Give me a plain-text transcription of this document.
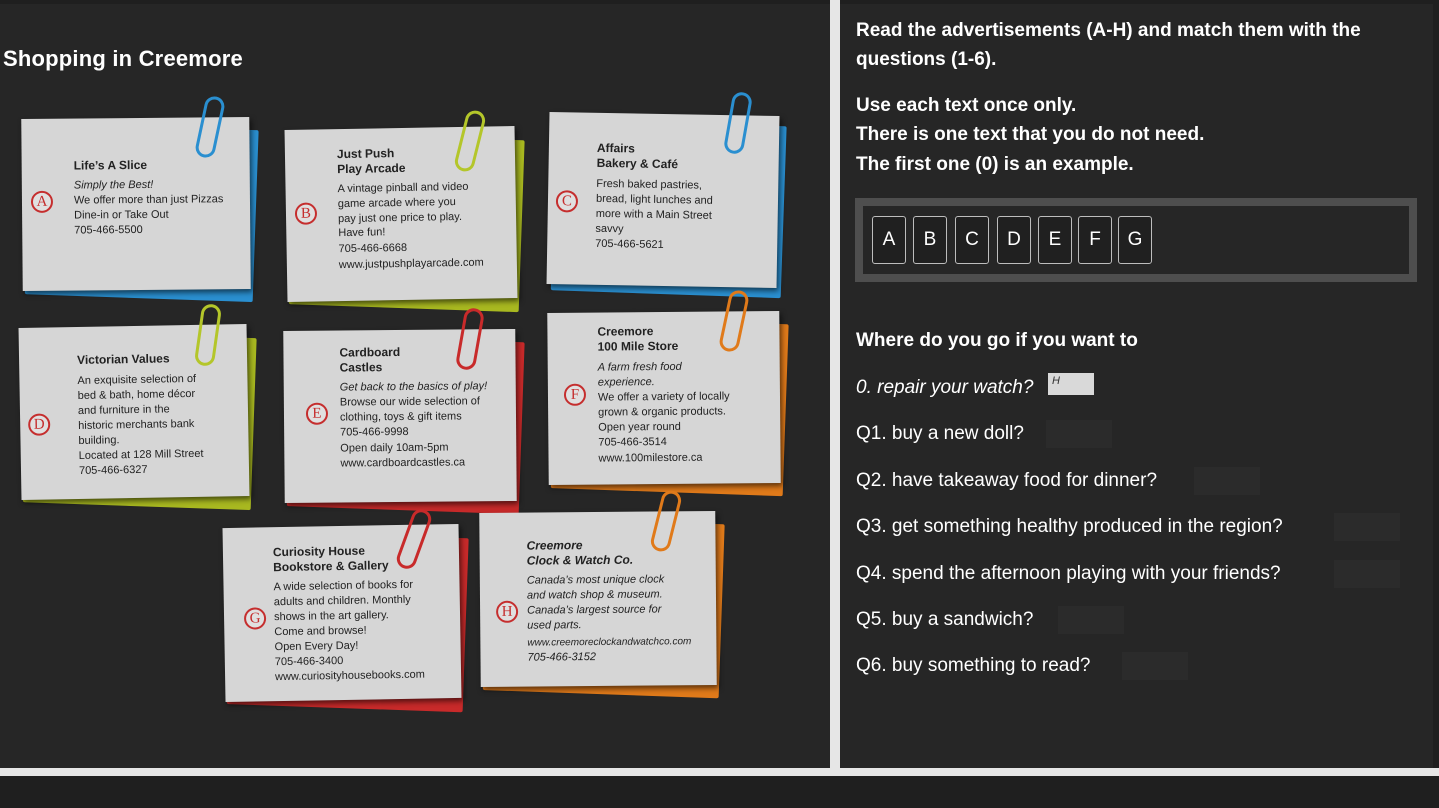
Shopping in Creemore
Life’s A Slice
Simply the Best!
We offer more than just Pizzas
Dine-in or Take Out
705-466-5500
A
Just Push
Play Arcade
A vintage pinball and video
game arcade where you
pay just one price to play.
Have fun!
705-466-6668
www.justpushplayarcade.com
B
Affairs
Bakery & Café
Fresh baked pastries,
bread, light lunches and
more with a Main Street
savvy
705-466-5621
C
Victorian Values
An exquisite selection of
bed & bath, home décor
and furniture in the
historic merchants bank
building.
Located at 128 Mill Street
705-466-6327
D
Cardboard
Castles
Get back to the basics of play!
Browse our wide selection of
clothing, toys & gift items
705-466-9998
Open daily 10am-5pm
www.cardboardcastles.ca
E
Creemore
100 Mile Store
A farm fresh food
experience.
We offer a variety of locally
grown & organic products.
Open year round
705-466-3514
www.100milestore.ca
F
Curiosity House
Bookstore & Gallery
A wide selection of books for
adults and children. Monthly
shows in the art gallery.
Come and browse!
Open Every Day!
705-466-3400
www.curiosityhousebooks.com
G
Creemore
Clock & Watch Co.
Canada’s most unique clock
and watch shop & museum.
Canada’s largest source for
used parts.
www.creemoreclockandwatchco.com
705-466-3152
H
Read the advertisements (A-H) and match them with the
questions (1-6).
Use each text once only.
There is one text that you do not need.
The first one (0) is an example.
A	B	C	D	E	F	G
Where do you go if you want to
0. repair your watch?	H
Q1. buy a new doll?
Q2. have takeaway food for dinner?
Q3. get something healthy produced in the region?
Q4. spend the afternoon playing with your friends?
Q5. buy a sandwich?
Q6. buy something to read?
